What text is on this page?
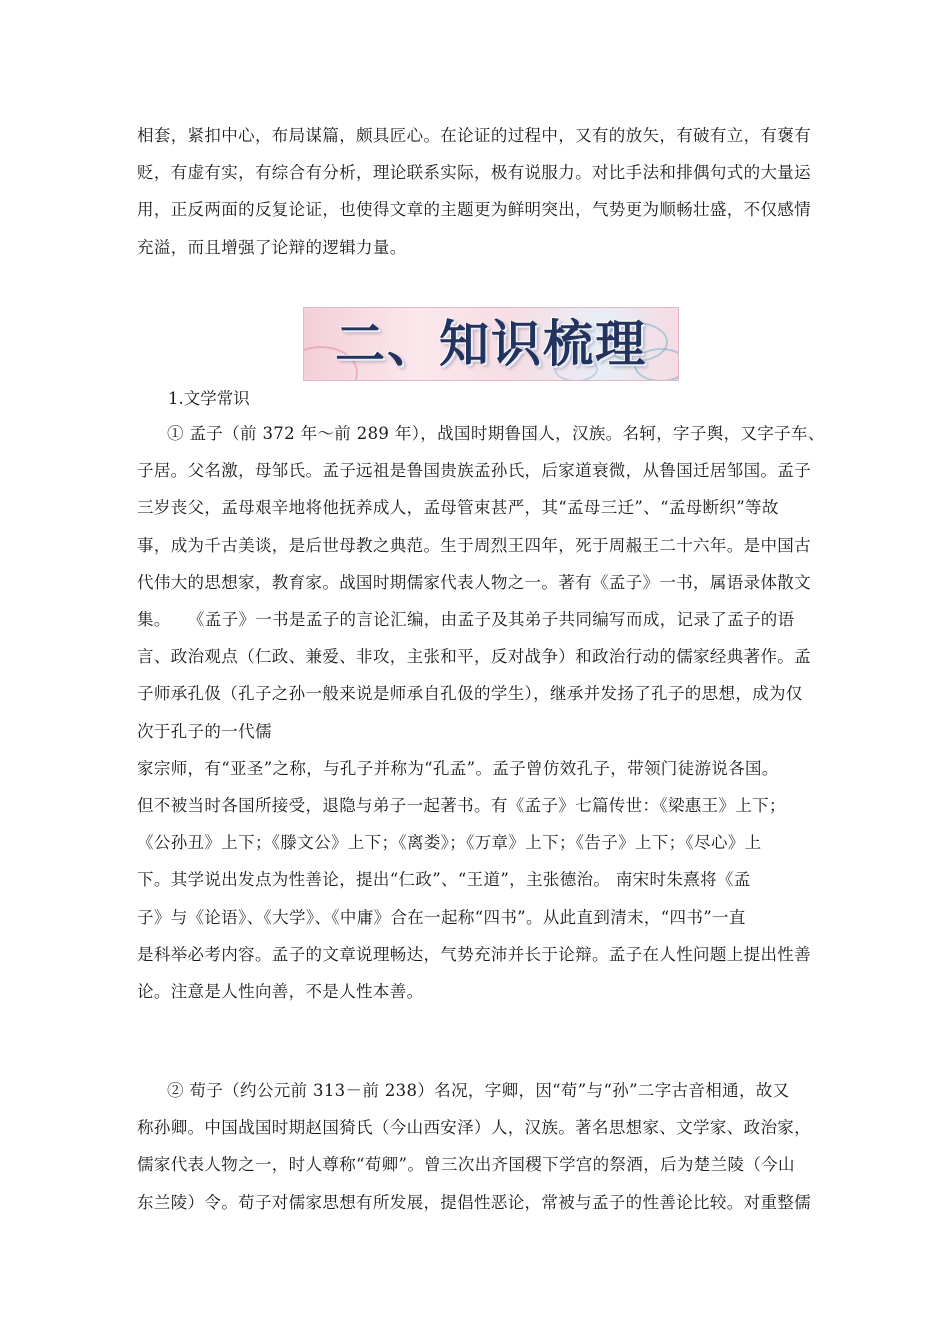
相套，紧扣中心，布局谋篇，颇具匠心。在论证的过程中，又有的放矢，有破有立，有褒有
贬，有虚有实，有综合有分析，理论联系实际，极有说服力。对比手法和排偶句式的大量运
用，正反两面的反复论证，也使得文章的主题更为鲜明突出，气势更为顺畅壮盛，不仅感情
充溢，而且增强了论辩的逻辑力量。

二、知识梳理

1.文学常识

① 孟子（前 372 年～前 289 年），战国时期鲁国人，汉族。名轲，字子舆，又字子车、
子居。父名激，母邹氏。孟子远祖是鲁国贵族孟孙氏，后家道衰微，从鲁国迁居邹国。孟子
三岁丧父，孟母艰辛地将他抚养成人，孟母管束甚严，其“孟母三迁”、“孟母断织”等故
事，成为千古美谈，是后世母教之典范。生于周烈王四年，死于周赧王二十六年。是中国古
代伟大的思想家，教育家。战国时期儒家代表人物之一。著有《孟子》一书，属语录体散文
集。　　《孟子》一书是孟子的言论汇编，由孟子及其弟子共同编写而成，记录了孟子的语
言、政治观点（仁政、兼爱、非攻，主张和平，反对战争）和政治行动的儒家经典著作。孟
子师承孔伋（孔子之孙一般来说是师承自孔伋的学生），继承并发扬了孔子的思想，成为仅
次于孔子的一代儒
家宗师，有“亚圣”之称，与孔子并称为“孔孟”。孟子曾仿效孔子，带领门徒游说各国。
但不被当时各国所接受，退隐与弟子一起著书。有《孟子》七篇传世：《梁惠王》上下；
《公孙丑》上下；《滕文公》上下；《离娄》；《万章》上下；《告子》上下；《尽心》上
下。其学说出发点为性善论，提出“仁政”、“王道”，主张德治。 南宋时朱熹将《孟
子》与《论语》、《大学》、《中庸》合在一起称“四书”。从此直到清末，“四书”一直
是科举必考内容。孟子的文章说理畅达，气势充沛并长于论辩。孟子在人性问题上提出性善
论。注意是人性向善，不是人性本善。

② 荀子（约公元前 313－前 238）名况，字卿，因“荀”与“孙”二字古音相通，故又
称孙卿。中国战国时期赵国猗氏（今山西安泽）人，汉族。著名思想家、文学家、政治家，
儒家代表人物之一，时人尊称“荀卿”。曾三次出齐国稷下学宫的祭酒，后为楚兰陵（今山
东兰陵）令。荀子对儒家思想有所发展，提倡性恶论，常被与孟子的性善论比较。对重整儒
